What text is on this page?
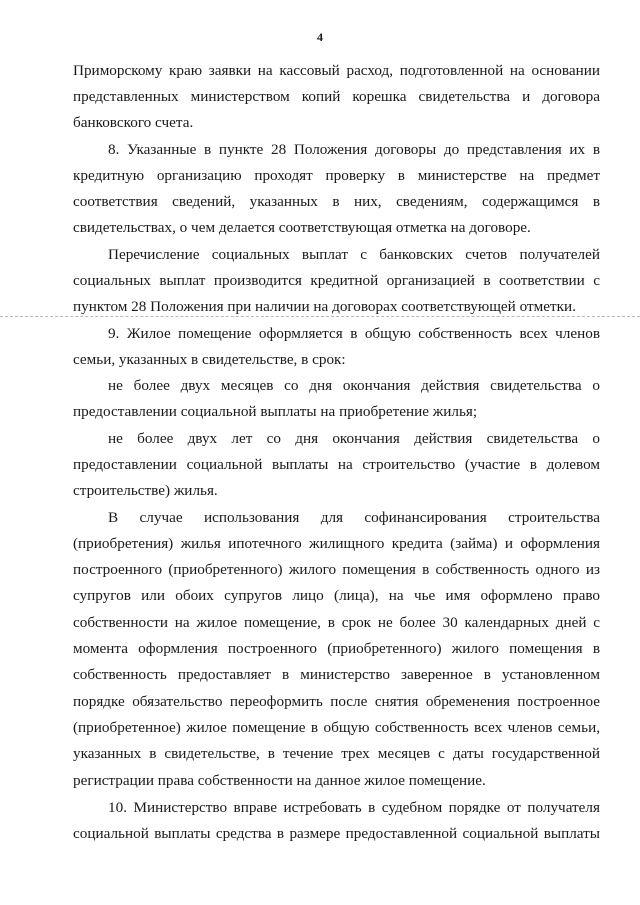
4
Приморскому краю заявки на кассовый расход, подготовленной на основании
представленных министерством копий корешка свидетельства и договора
банковского счета.
8. Указанные в пункте 28 Положения договоры до представления их в
кредитную организацию проходят проверку в министерстве на предмет
соответствия сведений, указанных в них, сведениям, содержащимся в
свидетельствах, о чем делается соответствующая отметка на договоре.
Перечисление социальных выплат с банковских счетов получателей
социальных выплат производится кредитной организацией в соответствии с
пунктом 28 Положения при наличии на договорах соответствующей отметки.
9. Жилое помещение оформляется в общую собственность всех членов
семьи, указанных в свидетельстве, в срок:
не более двух месяцев со дня окончания действия свидетельства о
предоставлении социальной выплаты на приобретение жилья;
не более двух лет со дня окончания действия свидетельства о
предоставлении социальной выплаты на строительство (участие в долевом
строительстве) жилья.
В случае использования для софинансирования строительства
(приобретения) жилья ипотечного жилищного кредита (займа) и оформления
построенного (приобретенного) жилого помещения в собственность одного из
супругов или обоих супругов лицо (лица), на чье имя оформлено право
собственности на жилое помещение, в срок не более 30 календарных дней с
момента оформления построенного (приобретенного) жилого помещения в
собственность предоставляет в министерство заверенное в установленном
порядке обязательство переоформить после снятия обременения построенное
(приобретенное) жилое помещение в общую собственность всех членов семьи,
указанных в свидетельстве, в течение трех месяцев с даты государственной
регистрации права собственности на данное жилое помещение.
10. Министерство вправе истребовать в судебном порядке от получателя
социальной выплаты средства в размере предоставленной социальной выплаты
